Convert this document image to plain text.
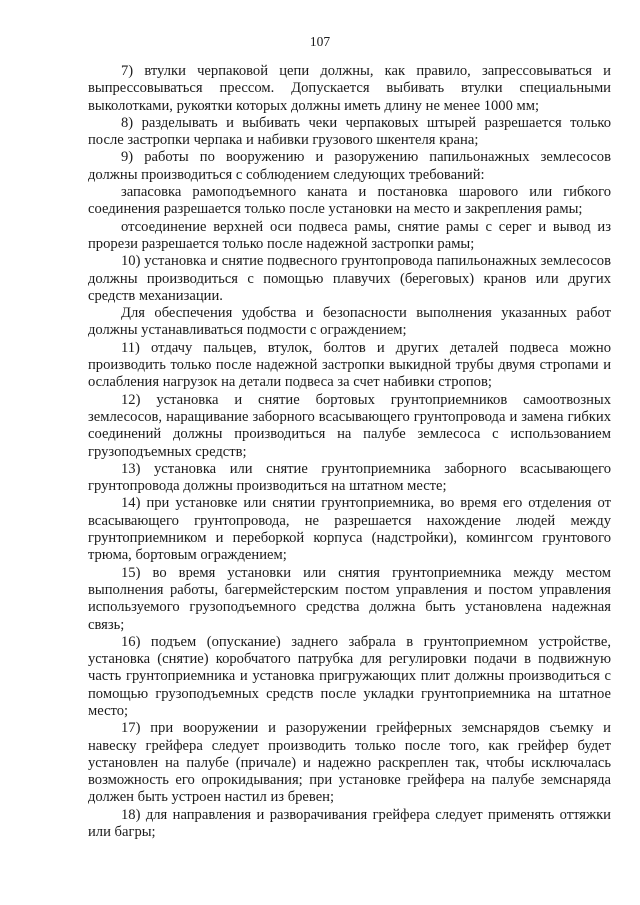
107

7) втулки черпаковой цепи должны, как правило, запрессовываться и выпрессовываться прессом. Допускается выбивать втулки специальными выколотками, рукоятки которых должны иметь длину не менее 1000 мм;

8) разделывать и выбивать чеки черпаковых штырей разрешается только после застропки черпака и набивки грузового шкентеля крана;

9) работы по вооружению и разоружению папильонажных землесосов должны производиться с соблюдением следующих требований:

запасовка рамоподъемного каната и постановка шарового или гибкого соединения разрешается только после установки на место и закрепления рамы;

отсоединение верхней оси подвеса рамы, снятие рамы с серег и вывод из прорези разрешается только после надежной застропки рамы;

10) установка и снятие подвесного грунтопровода папильонажных землесосов должны производиться с помощью плавучих (береговых) кранов или других средств механизации.

Для обеспечения удобства и безопасности выполнения указанных работ должны устанавливаться подмости с ограждением;

11) отдачу пальцев, втулок, болтов и других деталей подвеса можно производить только после надежной застропки выкидной трубы двумя стропами и ослабления нагрузок на детали подвеса за счет набивки стропов;

12) установка и снятие бортовых грунтоприемников самоотвозных землесосов, наращивание заборного всасывающего грунтопровода и замена гибких соединений должны производиться на палубе землесоса с использованием грузоподъемных средств;

13) установка или снятие грунтоприемника заборного всасывающего грунтопровода должны производиться на штатном месте;

14) при установке или снятии грунтоприемника, во время его отделения от всасывающего грунтопровода, не разрешается нахождение людей между грунтоприемником и переборкой корпуса (надстройки), комингсом грунтового трюма, бортовым ограждением;

15) во время установки или снятия грунтоприемника между местом выполнения работы, багермейстерским постом управления и постом управления используемого грузоподъемного средства должна быть установлена надежная связь;

16) подъем (опускание) заднего забрала в грунтоприемном устройстве, установка (снятие) коробчатого патрубка для регулировки подачи в подвижную часть грунтоприемника и установка пригружающих плит должны производиться с помощью грузоподъемных средств после укладки грунтоприемника на штатное место;

17) при вооружении и разоружении грейферных земснарядов съемку и навеску грейфера следует производить только после того, как грейфер будет установлен на палубе (причале) и надежно раскреплен так, чтобы исключалась возможность его опрокидывания; при установке грейфера на палубе земснаряда должен быть устроен настил из бревен;

18) для направления и разворачивания грейфера следует применять оттяжки или багры;
